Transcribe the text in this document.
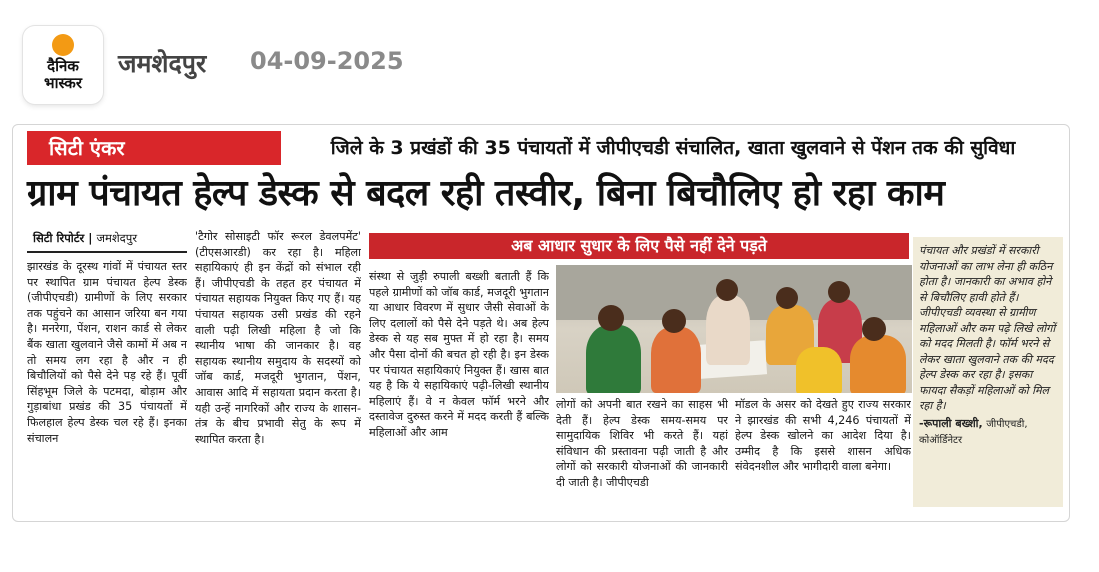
दैनिक
भास्कर
जमशेदपुर 04-09-2025
सिटी एंकर	जिले के 3 प्रखंडों की 35 पंचायतों में जीपीएचडी संचालित, खाता खुलवाने से पेंशन तक की सुविधा
ग्राम पंचायत हेल्प डेस्क से बदल रही तस्वीर, बिना बिचौलिए हो रहा काम
सिटी रिपोर्टर | जमशेदपुर
झारखंड के दूरस्थ गांवों में पंचायत स्तर पर स्थापित ग्राम पंचायत हेल्प डेस्क (जीपीएचडी) ग्रामीणों के लिए सरकार तक पहुंचने का आसान जरिया बन गया है। मनरेगा, पेंशन, राशन कार्ड से लेकर बैंक खाता खुलवाने जैसे कामों में अब न तो समय लग रहा है और न ही बिचौलियों को पैसे देने पड़ रहे हैं। पूर्वी सिंहभूम जिले के पटमदा, बोड़ाम और गुड़ाबांधा प्रखंड की 35 पंचायतों में फिलहाल हेल्प डेस्क चल रहे हैं। इनका संचालन
'टैगोर सोसाइटी फॉर रूरल डेवलपमेंट' (टीएसआरडी) कर रहा है। महिला सहायिकाएं ही इन केंद्रों को संभाल रही हैं। जीपीएचडी के तहत हर पंचायत में पंचायत सहायक नियुक्त किए गए हैं। यह पंचायत सहायक उसी प्रखंड की रहने वाली पढ़ी लिखी महिला है जो कि स्थानीय भाषा की जानकार है। वह सहायक स्थानीय समुदाय के सदस्यों को जॉब कार्ड, मजदूरी भुगतान, पेंशन, आवास आदि में सहायता प्रदान करता है। यही उन्हें नागरिकों और राज्य के शासन-तंत्र के बीच प्रभावी सेतु के रूप में स्थापित करता है।
अब आधार सुधार के लिए पैसे नहीं देने पड़ते
संस्था से जुड़ी रुपाली बख्शी बताती हैं कि पहले ग्रामीणों को जॉब कार्ड, मजदूरी भुगतान या आधार विवरण में सुधार जैसी सेवाओं के लिए दलालों को पैसे देने पड़ते थे। अब हेल्प डेस्क से यह सब मुफ्त में हो रहा है। समय और पैसा दोनों की बचत हो रही है। इन डेस्क पर पंचायत सहायिकाएं नियुक्त हैं। खास बात यह है कि ये सहायिकाएं पढ़ी-लिखी स्थानीय महिलाएं हैं। वे न केवल फॉर्म भरने और दस्तावेज दुरुस्त करने में मदद करती हैं बल्कि महिलाओं और आम
लोगों को अपनी बात रखने का साहस भी देती हैं। हेल्प डेस्क समय-समय पर सामुदायिक शिविर भी करते हैं। यहां संविधान की प्रस्तावना पढ़ी जाती है और लोगों को सरकारी योजनाओं की जानकारी दी जाती है। जीपीएचडी
मॉडल के असर को देखते हुए राज्य सरकार ने झारखंड की सभी 4,246 पंचायतों में हेल्प डेस्क खोलने का आदेश दिया है। उम्मीद है कि इससे शासन अधिक संवेदनशील और भागीदारी वाला बनेगा।
पंचायत और प्रखंडों में सरकारी योजनाओं का लाभ लेना ही कठिन होता है। जानकारी का अभाव होने से बिचौलिए हावी होते हैं। जीपीएचडी व्यवस्था से ग्रामीण महिलाओं और कम पढ़े लिखे लोगों को मदद मिलती है। फॉर्म भरने से लेकर खाता खुलवाने तक की मदद हेल्प डेस्क कर रहा है। इसका फायदा सैकड़ों महिलाओं को मिल रहा है।
-रूपाली बख्शी, जीपीएचडी, कोऑर्डिनेटर
